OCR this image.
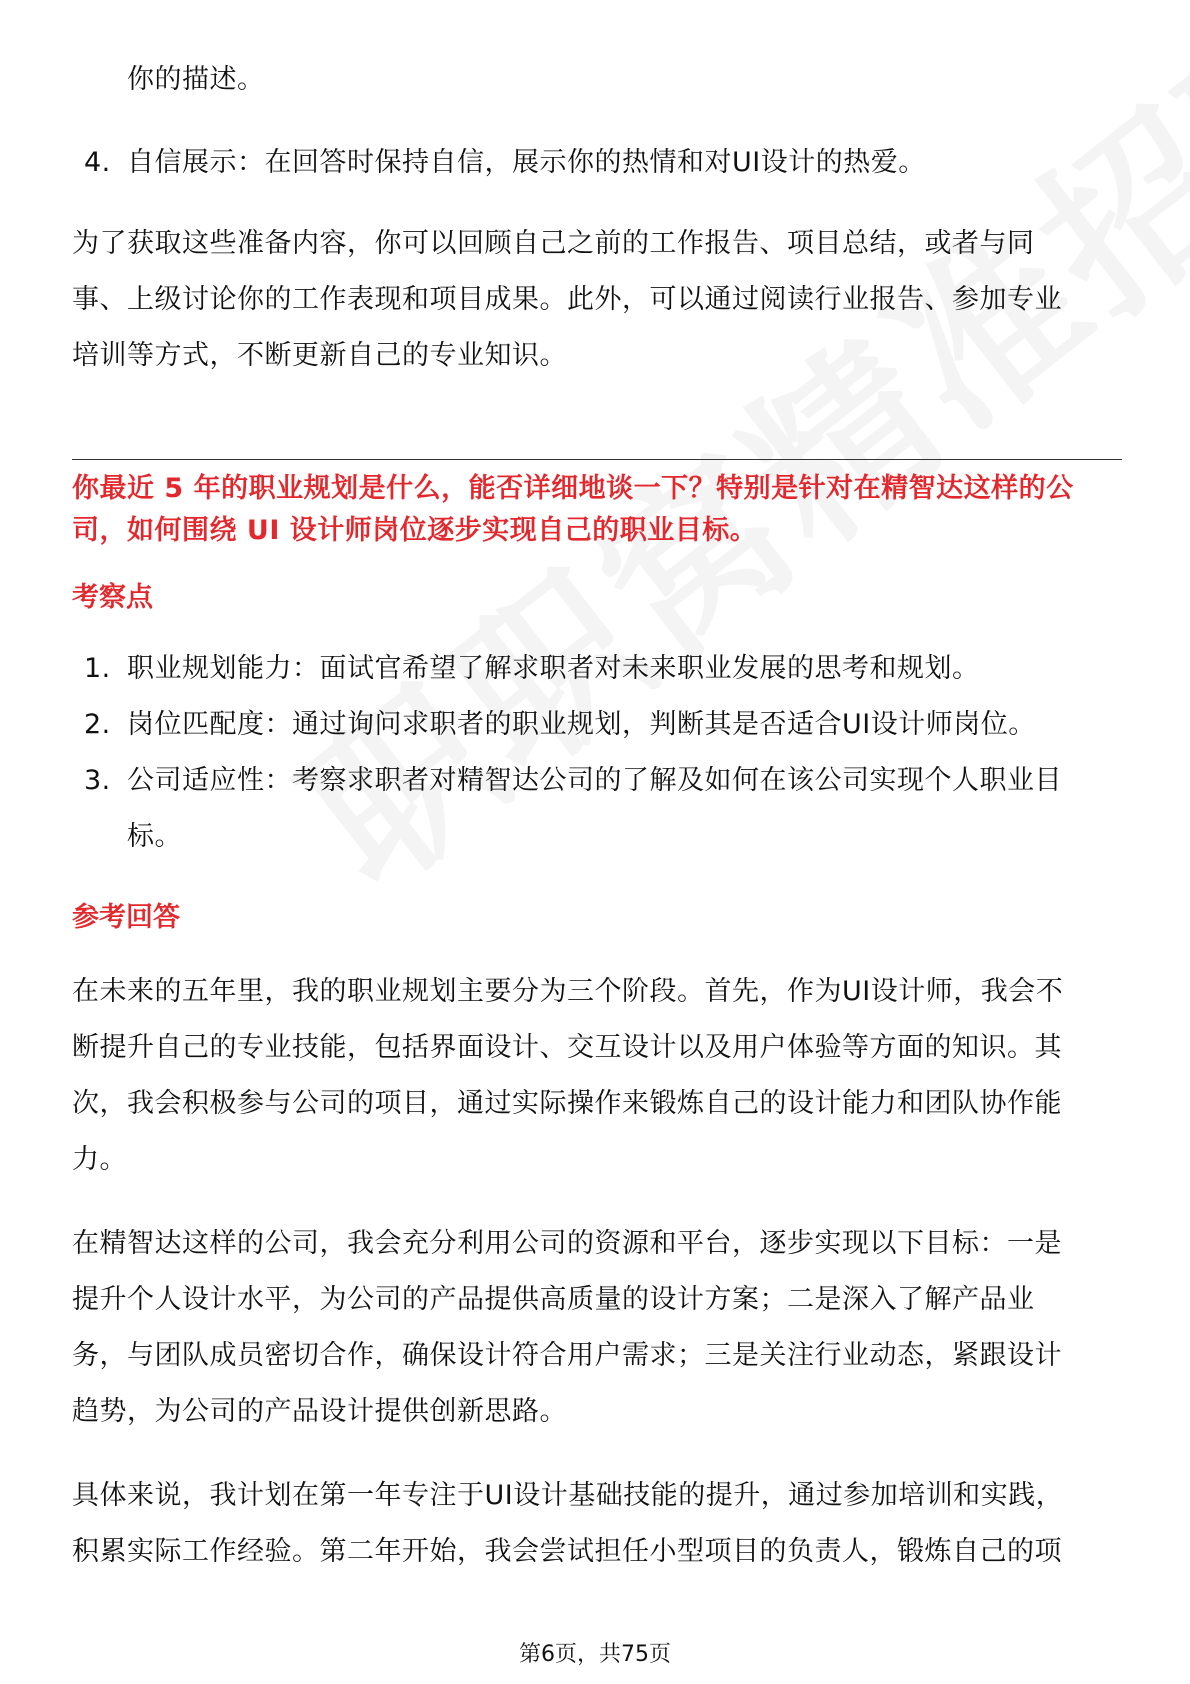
你的描述。

4. 自信展示：在回答时保持自信，展示你的热情和对UI设计的热爱。

为了获取这些准备内容，你可以回顾自己之前的工作报告、项目总结，或者与同

事、上级讨论你的工作表现和项目成果。此外，可以通过阅读行业报告、参加专业

培训等方式，不断更新自己的专业知识。

你最近 5 年的职业规划是什么，能否详细地谈一下？特别是针对在精智达这样的公
司，如何围绕 UI 设计师岗位逐步实现自己的职业目标。
考察点
1. 职业规划能力：面试官希望了解求职者对未来职业发展的思考和规划。
2. 岗位匹配度：通过询问求职者的职业规划，判断其是否适合UI设计师岗位。
3. 公司适应性：考察求职者对精智达公司的了解及如何在该公司实现个人职业目
标。
参考回答

在未来的五年里，我的职业规划主要分为三个阶段。首先，作为UI设计师，我会不

断提升自己的专业技能，包括界面设计、交互设计以及用户体验等方面的知识。其

次，我会积极参与公司的项目，通过实际操作来锻炼自己的设计能力和团队协作能

力。

在精智达这样的公司，我会充分利用公司的资源和平台，逐步实现以下目标：一是

提升个人设计水平，为公司的产品提供高质量的设计方案；二是深入了解产品业

务，与团队成员密切合作，确保设计符合用户需求；三是关注行业动态，紧跟设计

趋势，为公司的产品设计提供创新思路。

具体来说，我计划在第一年专注于UI设计基础技能的提升，通过参加培训和实践，

积累实际工作经验。第二年开始，我会尝试担任小型项目的负责人，锻炼自己的项

第6页，共75页
